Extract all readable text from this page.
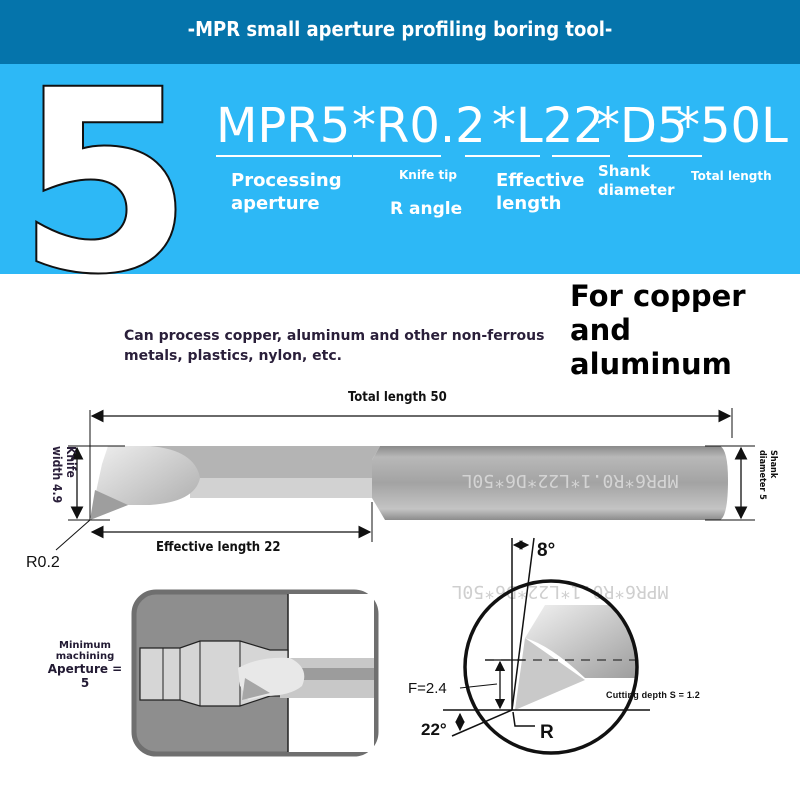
-MPR small aperture profiling boring tool-
5 MPR5 *R0.2 *L22
*D5
*50L
Processing
aperture
Knife tip
R angle
Effective
length
Shank
diameter
Total length
Can process copper, aluminum and other non-ferrous
metals, plastics, nylon, etc.
For copper
and
aluminum
MPR6*R0.1*L22*D6*50L
MPR6*R0.1*L22*D6*50L
Total length 50
Effective length 22
Knife
width 4.9	Shank
diameter 5
R0.2
Minimum
machining
Aperture =
5
8°
F=2.4
22°	R
Cutting depth S = 1.2
